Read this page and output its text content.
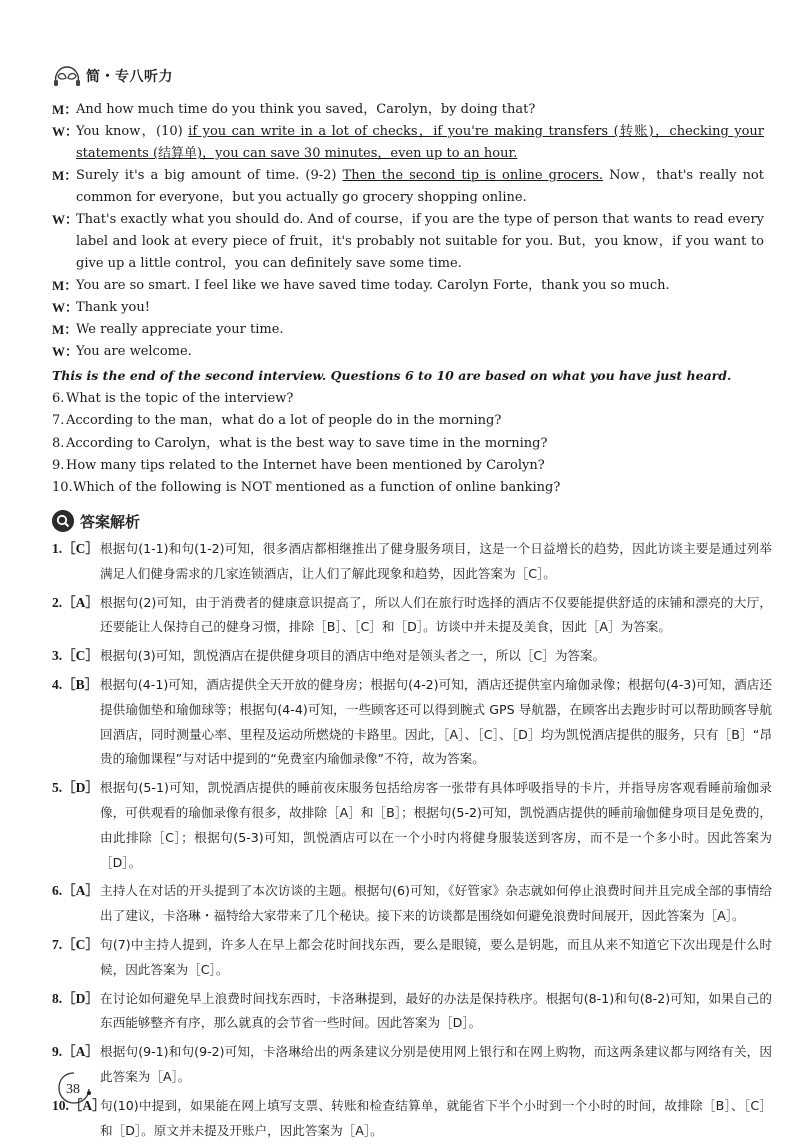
简・专八听力
M：
And how much time do you think you saved，Carolyn，by doing that?
W：
You know，(10) if you can write in a lot of checks，if you're making transfers (转账)，checking your statements (结算单)，you can save 30 minutes，even up to an hour.
M：
Surely it's a big amount of time. (9-2) Then the second tip is online grocers. Now，that's really not common for everyone，but you actually go grocery shopping online.
W：
That's exactly what you should do. And of course，if you are the type of person that wants to read every label and look at every piece of fruit，it's probably not suitable for you. But，you know，if you want to give up a little control，you can definitely save some time.
M：
You are so smart. I feel like we have saved time today. Carolyn Forte，thank you so much.
W：
Thank you!
M：
We really appreciate your time.
W：
You are welcome.
This is the end of the second interview. Questions 6 to 10 are based on what you have just heard.
6. What is the topic of the interview?
7. According to the man，what do a lot of people do in the morning?
8. According to Carolyn，what is the best way to save time in the morning?
9. How many tips related to the Internet have been mentioned by Carolyn?
10. Which of the following is NOT mentioned as a function of online banking?
答案解析
1.［C］ 根据句(1-1)和句(1-2)可知，很多酒店都相继推出了健身服务项目，这是一个日益增长的趋势，因此访谈主要是通过列举满足人们健身需求的几家连锁酒店，让人们了解此现象和趋势，因此答案为［C］。
2.［A］ 根据句(2)可知，由于消费者的健康意识提高了，所以人们在旅行时选择的酒店不仅要能提供舒适的床铺和漂亮的大厅，还要能让人保持自己的健身习惯，排除［B］、［C］和［D］。访谈中并未提及美食，因此［A］为答案。
3.［C］ 根据句(3)可知，凯悦酒店在提供健身项目的酒店中绝对是领头者之一，所以［C］为答案。
4.［B］ 根据句(4-1)可知，酒店提供全天开放的健身房；根据句(4-2)可知，酒店还提供室内瑜伽录像；根据句(4-3)可知，酒店还提供瑜伽垫和瑜伽球等；根据句(4-4)可知，一些顾客还可以得到腕式 GPS 导航器，在顾客出去跑步时可以帮助顾客导航回酒店，同时测量心率、里程及运动所燃烧的卡路里。因此，［A］、［C］、［D］均为凯悦酒店提供的服务，只有［B］“昂贵的瑜伽课程”与对话中提到的“免费室内瑜伽录像”不符，故为答案。
5.［D］ 根据句(5-1)可知，凯悦酒店提供的睡前夜床服务包括给房客一张带有具体呼吸指导的卡片，并指导房客观看睡前瑜伽录像，可供观看的瑜伽录像有很多，故排除［A］和［B］；根据句(5-2)可知，凯悦酒店提供的睡前瑜伽健身项目是免费的，由此排除［C］；根据句(5-3)可知，凯悦酒店可以在一个小时内将健身服装送到客房，而不是一个多小时。因此答案为［D］。
6.［A］ 主持人在对话的开头提到了本次访谈的主题。根据句(6)可知，《好管家》杂志就如何停止浪费时间并且完成全部的事情给出了建议，卡洛琳・福特给大家带来了几个秘诀。接下来的访谈都是围绕如何避免浪费时间展开，因此答案为［A］。
7.［C］ 句(7)中主持人提到，许多人在早上都会花时间找东西，要么是眼镜，要么是钥匙，而且从来不知道它下次出现是什么时候，因此答案为［C］。
8.［D］ 在讨论如何避免早上浪费时间找东西时，卡洛琳提到，最好的办法是保持秩序。根据句(8-1)和句(8-2)可知，如果自己的东西能够整齐有序，那么就真的会节省一些时间。因此答案为［D］。
9.［A］ 根据句(9-1)和句(9-2)可知，卡洛琳给出的两条建议分别是使用网上银行和在网上购物，而这两条建议都与网络有关，因此答案为［A］。
10.［A］
句(10)中提到，如果能在网上填写支票、转账和检查结算单，就能省下半个小时到一个小时的时间，故排除［B］、［C］和［D］。原文并未提及开账户，因此答案为［A］。
38
